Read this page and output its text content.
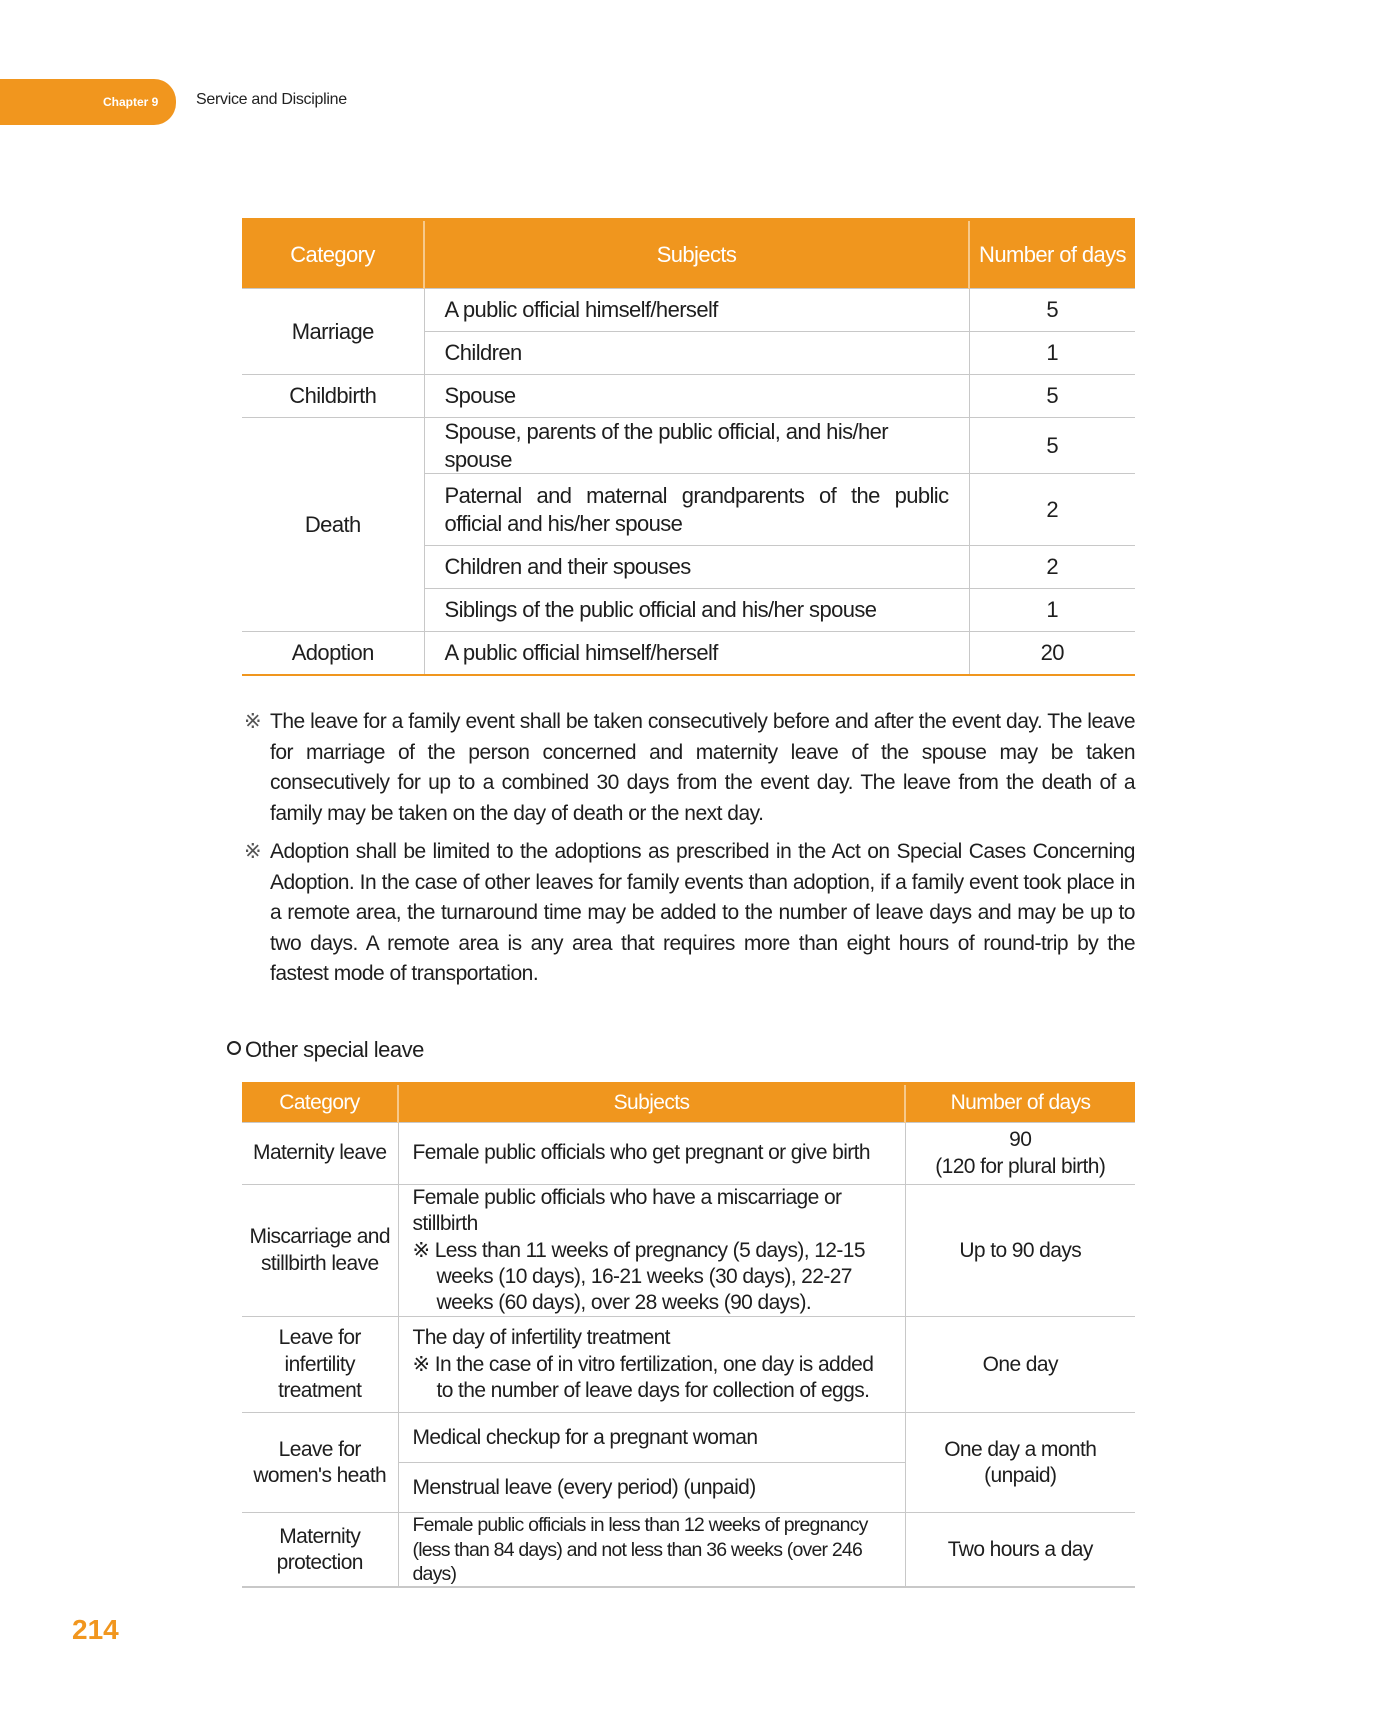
Chapter 9 Service and Discipline
Category	Subjects	Number of days
Marriage	A public official himself/herself	5
	Children	1
Childbirth	Spouse	5
Death	Spouse, parents of the public official, and his/her spouse	5
	Paternal and maternal grandparents of the public official and his/her spouse	2
	Children and their spouses	2
	Siblings of the public official and his/her spouse	1
Adoption	A public official himself/herself	20
※ The leave for a family event shall be taken consecutively before and after the event day. The leave for marriage of the person concerned and maternity leave of the spouse may be taken consecutively for up to a combined 30 days from the event day. The leave from the death of a family may be taken on the day of death or the next day.
※ Adoption shall be limited to the adoptions as prescribed in the Act on Special Cases Concerning Adoption. In the case of other leaves for family events than adoption, if a family event took place in a remote area, the turnaround time may be added to the number of leave days and may be up to two days. A remote area is any area that requires more than eight hours of round-trip by the fastest mode of transportation.
Other special leave
Category	Subjects	Number of days
Maternity leave	Female public officials who get pregnant or give birth	90
(120 for plural birth)
Miscarriage and stillbirth leave	Female public officials who have a miscarriage or stillbirth
※ Less than 11 weeks of pregnancy (5 days), 12-15 weeks (10 days), 16-21 weeks (30 days), 22-27 weeks (60 days), over 28 weeks (90 days).	Up to 90 days
Leave for infertility treatment	The day of infertility treatment
※ In the case of in vitro fertilization, one day is added to the number of leave days for collection of eggs.	One day
Leave for women's heath	Medical checkup for a pregnant woman	One day a month
(unpaid)
	Menstrual leave (every period) (unpaid)	
Maternity protection	Female public officials in less than 12 weeks of pregnancy (less than 84 days) and not less than 36 weeks (over 246 days)	Two hours a day
214
